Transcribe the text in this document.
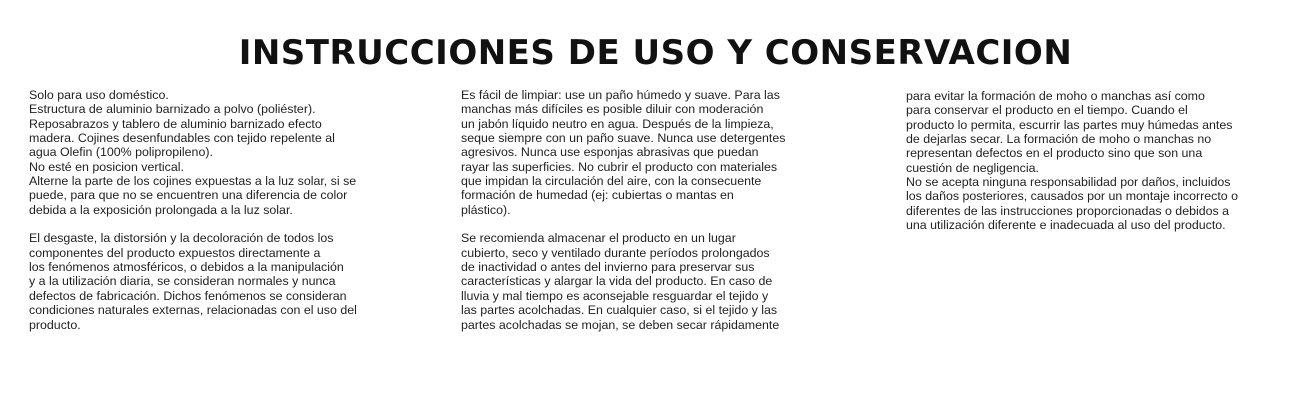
INSTRUCCIONES DE USO Y CONSERVACION
Solo para uso doméstico.
Estructura de aluminio barnizado a polvo (poliéster).
Reposabrazos y tablero de aluminio barnizado efecto
madera. Cojines desenfundables con tejido repelente al
agua Olefin (100% polipropileno).
No esté en posicion vertical.
Alterne la parte de los cojines expuestas a la luz solar, si se
puede, para que no se encuentren una diferencia de color
debida a la exposición prolongada a la luz solar.
El desgaste, la distorsión y la decoloración de todos los
componentes del producto expuestos directamente a
los fenómenos atmosféricos, o debidos a la manipulación
y a la utilización diaria, se consideran normales y nunca
defectos de fabricación. Dichos fenómenos se consideran
condiciones naturales externas, relacionadas con el uso del
producto.
Es fácil de limpiar: use un paño húmedo y suave. Para las
manchas más difíciles es posible diluir con moderación
un jabón líquido neutro en agua. Después de la limpieza,
seque siempre con un paño suave. Nunca use detergentes
agresivos. Nunca use esponjas abrasivas que puedan
rayar las superficies. No cubrir el producto con materiales
que impidan la circulación del aire, con la consecuente
formación de humedad (ej: cubiertas o mantas en
plástico).
Se recomienda almacenar el producto en un lugar
cubierto, seco y ventilado durante períodos prolongados
de inactividad o antes del invierno para preservar sus
características y alargar la vida del producto. En caso de
lluvia y mal tiempo es aconsejable resguardar el tejido y
las partes acolchadas. En cualquier caso, si el tejido y las
partes acolchadas se mojan, se deben secar rápidamente
para evitar la formación de moho o manchas así como
para conservar el producto en el tiempo. Cuando el
producto lo permita, escurrir las partes muy húmedas antes
de dejarlas secar. La formación de moho o manchas no
representan defectos en el producto sino que son una
cuestión de negligencia.
No se acepta ninguna responsabilidad por daños, incluidos
los daños posteriores, causados por un montaje incorrecto o
diferentes de las instrucciones proporcionadas o debidos a
una utilización diferente e inadecuada al uso del producto.
